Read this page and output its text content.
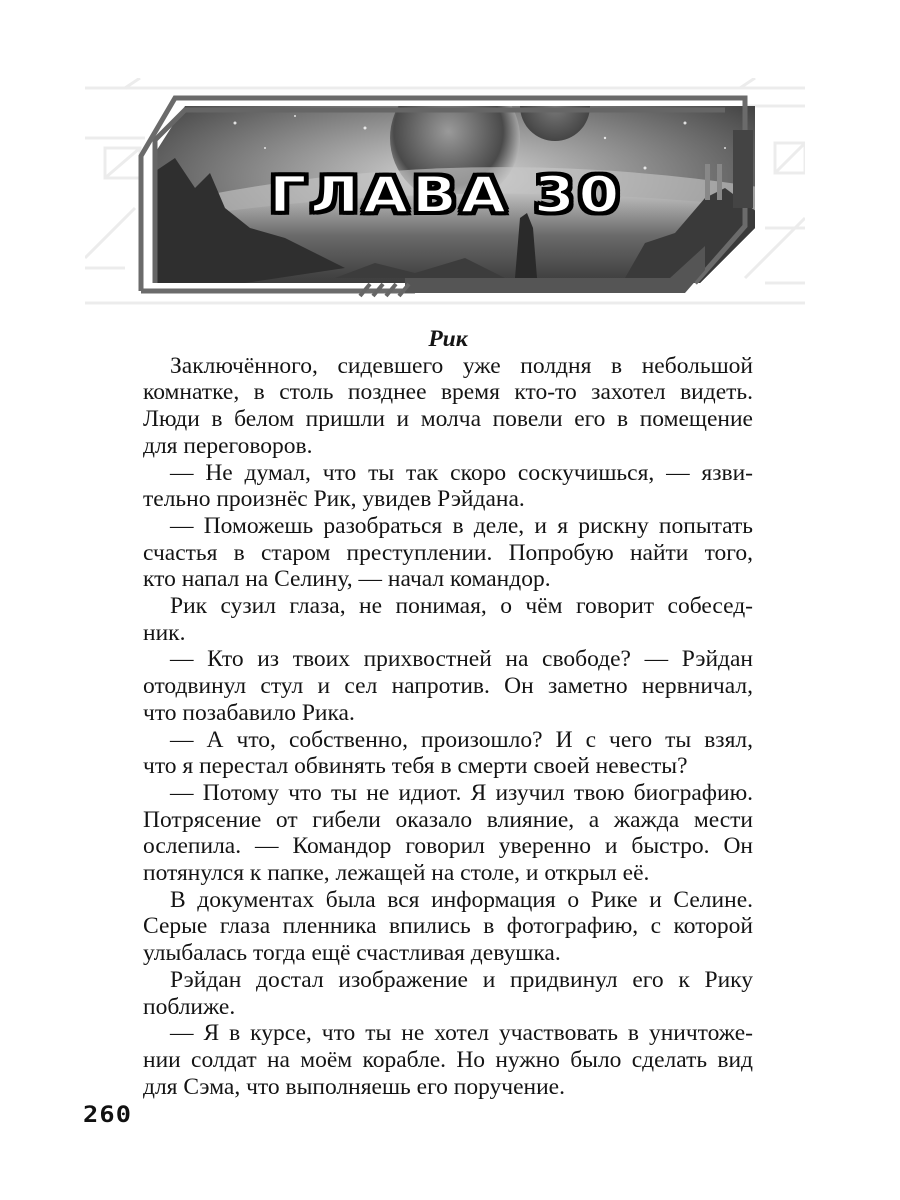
ГЛАВА 30

Рик

Заключённого, сидевшего уже полдня в небольшой
комнатке, в столь позднее время кто-то захотел видеть.
Люди в белом пришли и молча повели его в помещение
для переговоров.
— Не думал, что ты так скоро соскучишься, — язви-
тельно произнёс Рик, увидев Рэйдана.
— Поможешь разобраться в деле, и я рискну попытать
счастья в старом преступлении. Попробую найти того,
кто напал на Селину, — начал командор.
Рик сузил глаза, не понимая, о чём говорит собесед-
ник.
— Кто из твоих прихвостней на свободе? — Рэйдан
отодвинул стул и сел напротив. Он заметно нервничал,
что позабавило Рика.
— А что, собственно, произошло? И с чего ты взял,
что я перестал обвинять тебя в смерти своей невесты?
— Потому что ты не идиот. Я изучил твою биографию.
Потрясение от гибели оказало влияние, а жажда мести
ослепила. — Командор говорил уверенно и быстро. Он
потянулся к папке, лежащей на столе, и открыл её.
В документах была вся информация о Рике и Селине.
Серые глаза пленника впились в фотографию, с которой
улыбалась тогда ещё счастливая девушка.
Рэйдан достал изображение и придвинул его к Рику
поближе.
— Я в курсе, что ты не хотел участвовать в уничтоже-
нии солдат на моём корабле. Но нужно было сделать вид
для Сэма, что выполняешь его поручение.
260
